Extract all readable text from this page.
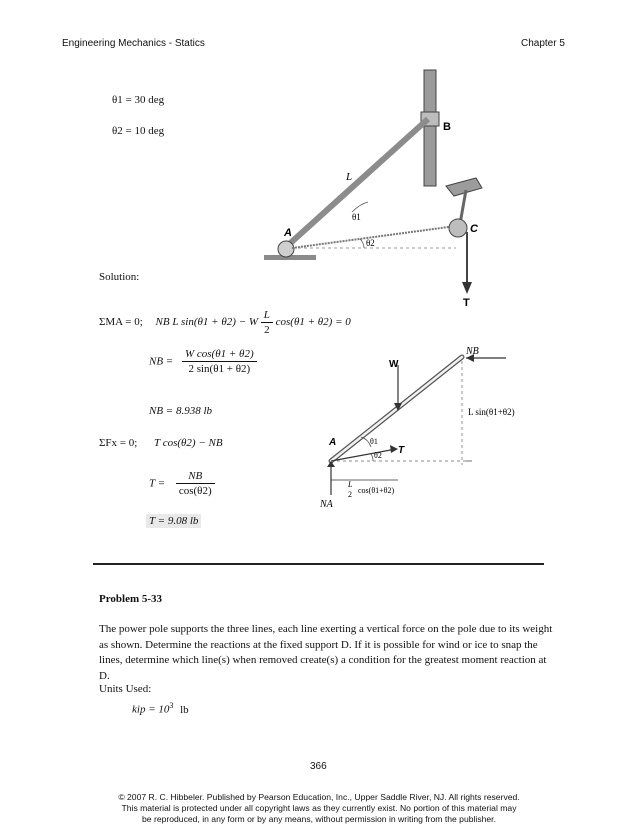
Engineering Mechanics - Statics	Chapter 5
θ1 = 30 deg
θ2 = 10 deg	B
L
A	C
T
θ1
θ2
Solution:
ΣMA = 0; NB L sin(θ1 + θ2) − W $\frac{L}{2} \cos(\theta 1 + \theta 2) = 0$
NB = $\frac{\text{W cos(θ1 + θ2)}}{2 \sin(\theta 1 + \theta 2)}$
NB = 8.938 lb
ΣFx = 0; T cos(θ2) − NB
$T = \frac{NB}{\cos(\theta 2)}$
T = 9.08 lb
W
NB
A
T
NA
θ1
θ2
L sin(θ1+θ2)
L
2 cos(θ1+θ2)
Problem 5-33
The power pole supports the three lines, each line exerting a vertical force on the pole due to its weight as shown. Determine the reactions at the fixed support D. If it is possible for wind or ice to snap the lines, determine which line(s) when removed create(s) a condition for the greatest moment reaction at D.
Units Used:
kip = $10^3$ lb
366
© 2007 R. C. Hibbeler. Published by Pearson Education, Inc., Upper Saddle River, NJ. All rights reserved.
This material is protected under all copyright laws as they currently exist. No portion of this material may
be reproduced, in any form or by any means, without permission in writing from the publisher.
